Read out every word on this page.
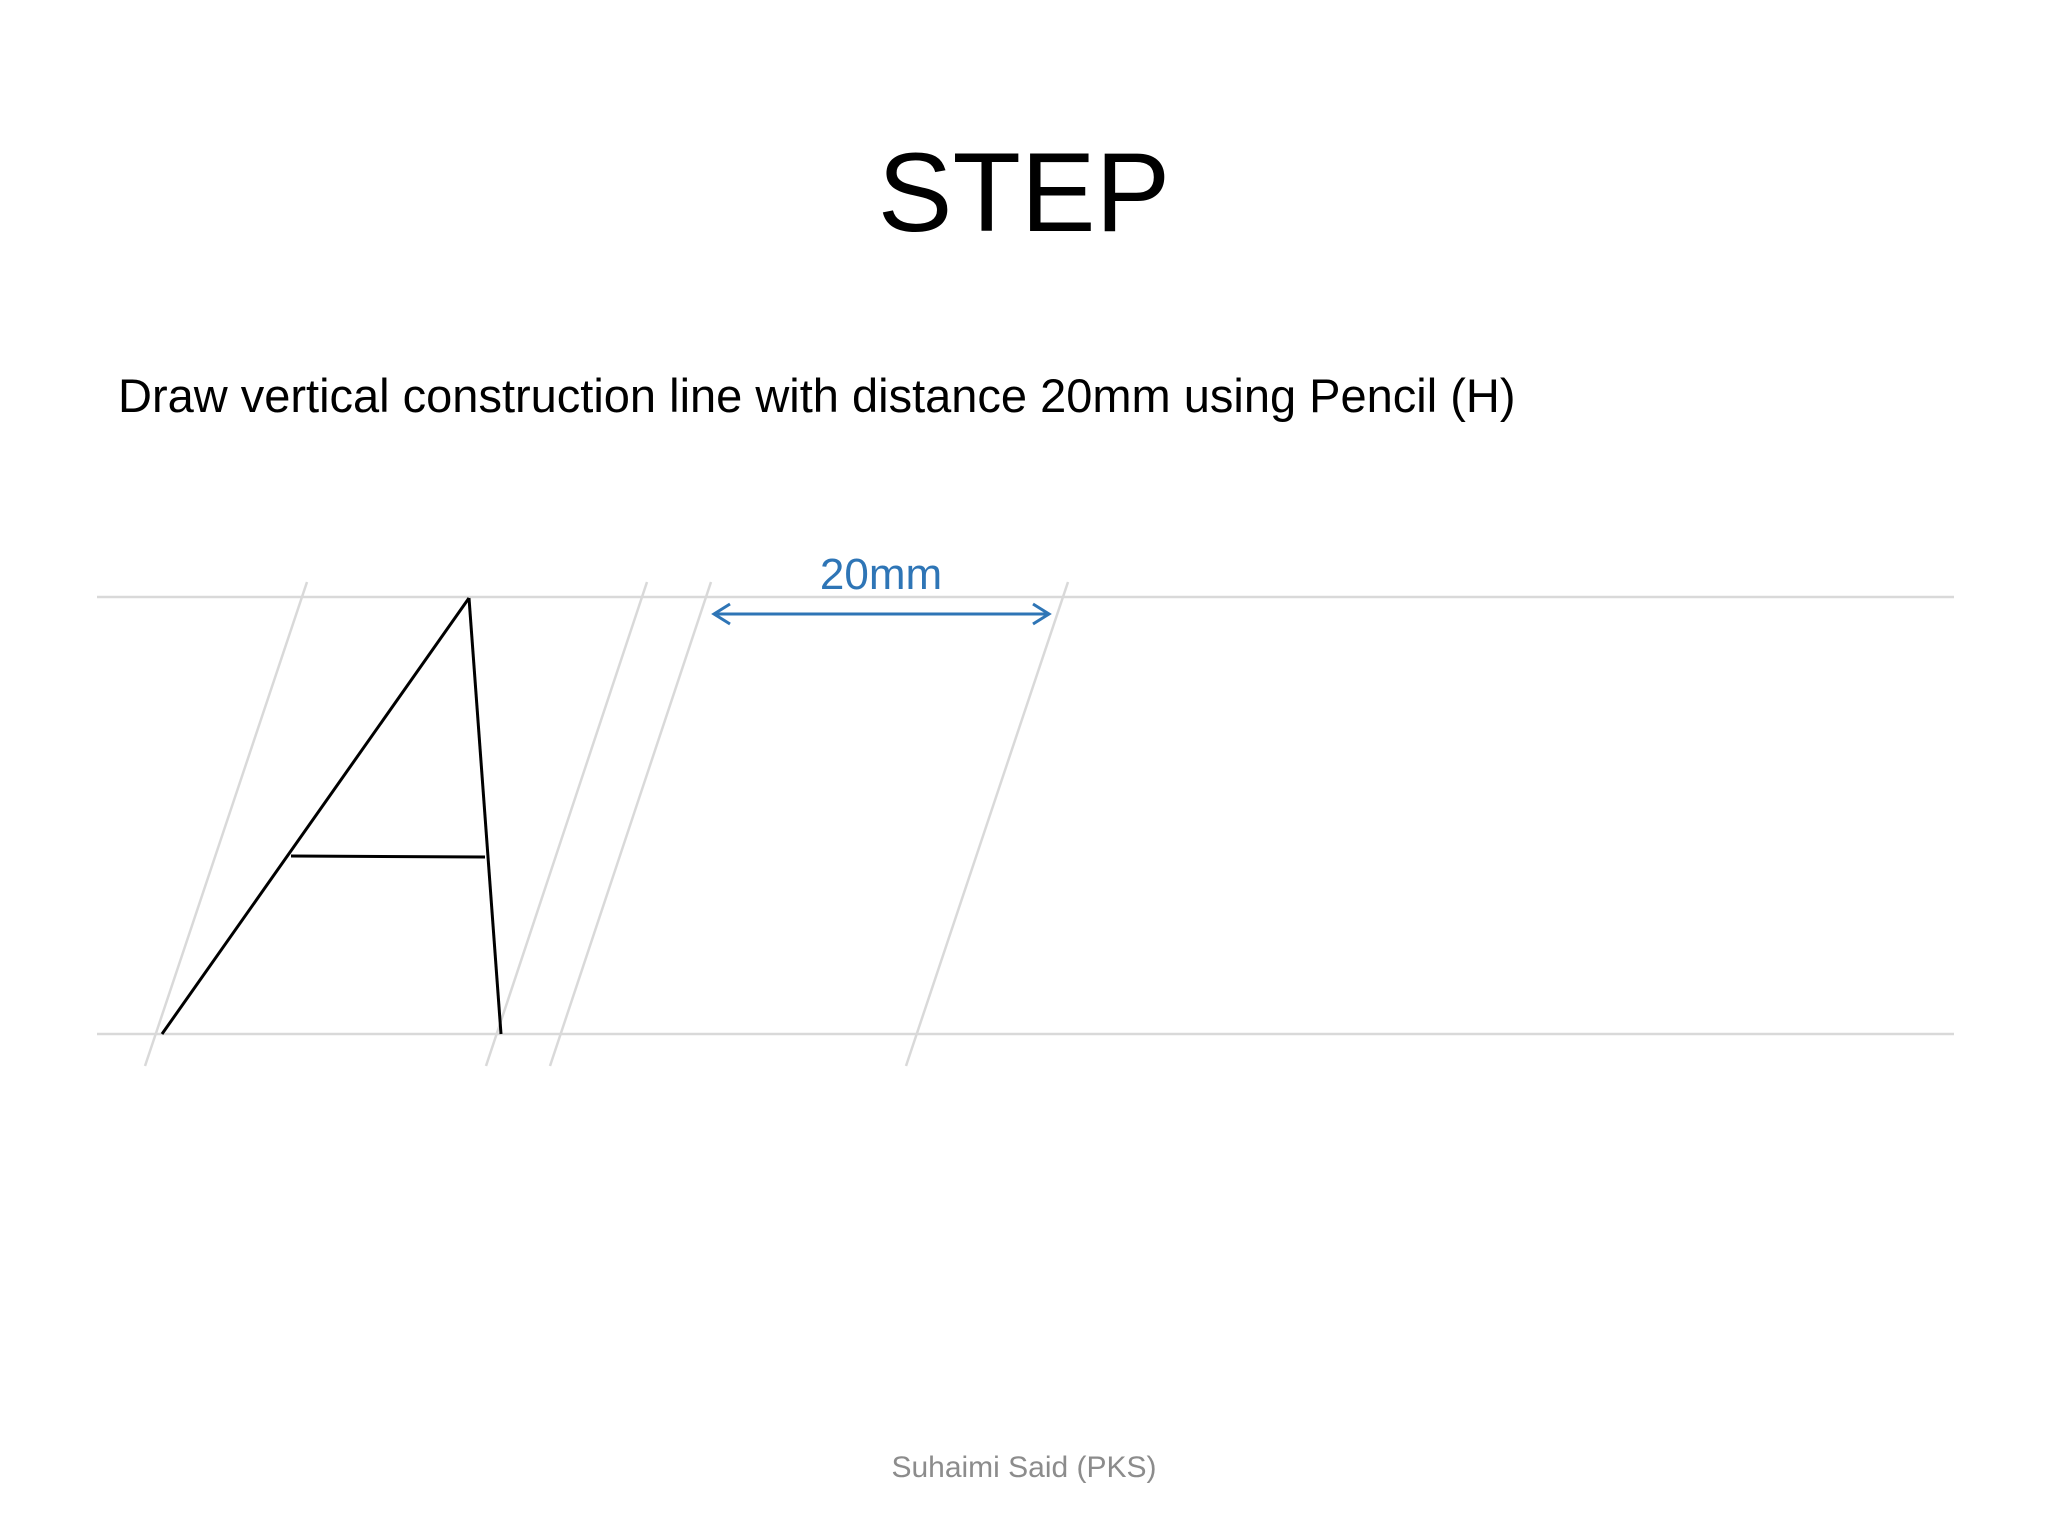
STEP
Draw vertical construction line with distance 20mm using Pencil (H)
20mm
Suhaimi Said (PKS)
